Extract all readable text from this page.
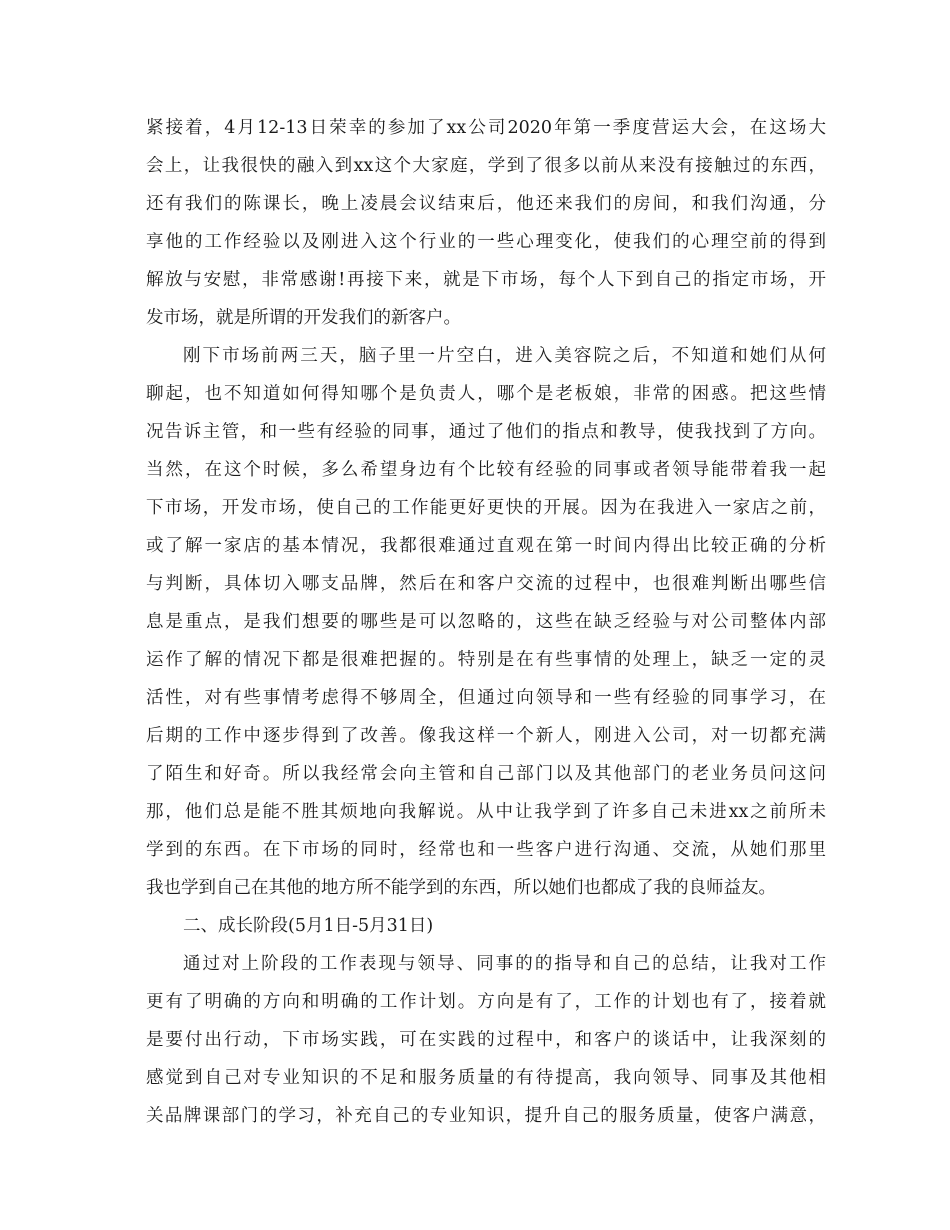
紧接着，4月12-13日荣幸的参加了xx公司2020年第一季度营运大会，在这场大
会上，让我很快的融入到xx这个大家庭，学到了很多以前从来没有接触过的东西，
还有我们的陈课长，晚上凌晨会议结束后，他还来我们的房间，和我们沟通，分
享他的工作经验以及刚进入这个行业的一些心理变化，使我们的心理空前的得到
解放与安慰，非常感谢!再接下来，就是下市场，每个人下到自己的指定市场，开
发市场，就是所谓的开发我们的新客户。
刚下市场前两三天，脑子里一片空白，进入美容院之后，不知道和她们从何
聊起，也不知道如何得知哪个是负责人，哪个是老板娘，非常的困惑。把这些情
况告诉主管，和一些有经验的同事，通过了他们的指点和教导，使我找到了方向。
当然，在这个时候，多么希望身边有个比较有经验的同事或者领导能带着我一起
下市场，开发市场，使自己的工作能更好更快的开展。因为在我进入一家店之前，
或了解一家店的基本情况，我都很难通过直观在第一时间内得出比较正确的分析
与判断，具体切入哪支品牌，然后在和客户交流的过程中，也很难判断出哪些信
息是重点，是我们想要的哪些是可以忽略的，这些在缺乏经验与对公司整体内部
运作了解的情况下都是很难把握的。特别是在有些事情的处理上，缺乏一定的灵
活性，对有些事情考虑得不够周全，但通过向领导和一些有经验的同事学习，在
后期的工作中逐步得到了改善。像我这样一个新人，刚进入公司，对一切都充满
了陌生和好奇。所以我经常会向主管和自己部门以及其他部门的老业务员问这问
那，他们总是能不胜其烦地向我解说。从中让我学到了许多自己未进xx之前所未
学到的东西。在下市场的同时，经常也和一些客户进行沟通、交流，从她们那里
我也学到自己在其他的地方所不能学到的东西，所以她们也都成了我的良师益友。
二、成长阶段(5月1日-5月31日)
通过对上阶段的工作表现与领导、同事的的指导和自己的总结，让我对工作
更有了明确的方向和明确的工作计划。方向是有了，工作的计划也有了，接着就
是要付出行动，下市场实践，可在实践的过程中，和客户的谈话中，让我深刻的
感觉到自己对专业知识的不足和服务质量的有待提高，我向领导、同事及其他相
关品牌课部门的学习，补充自己的专业知识，提升自己的服务质量，使客户满意，
